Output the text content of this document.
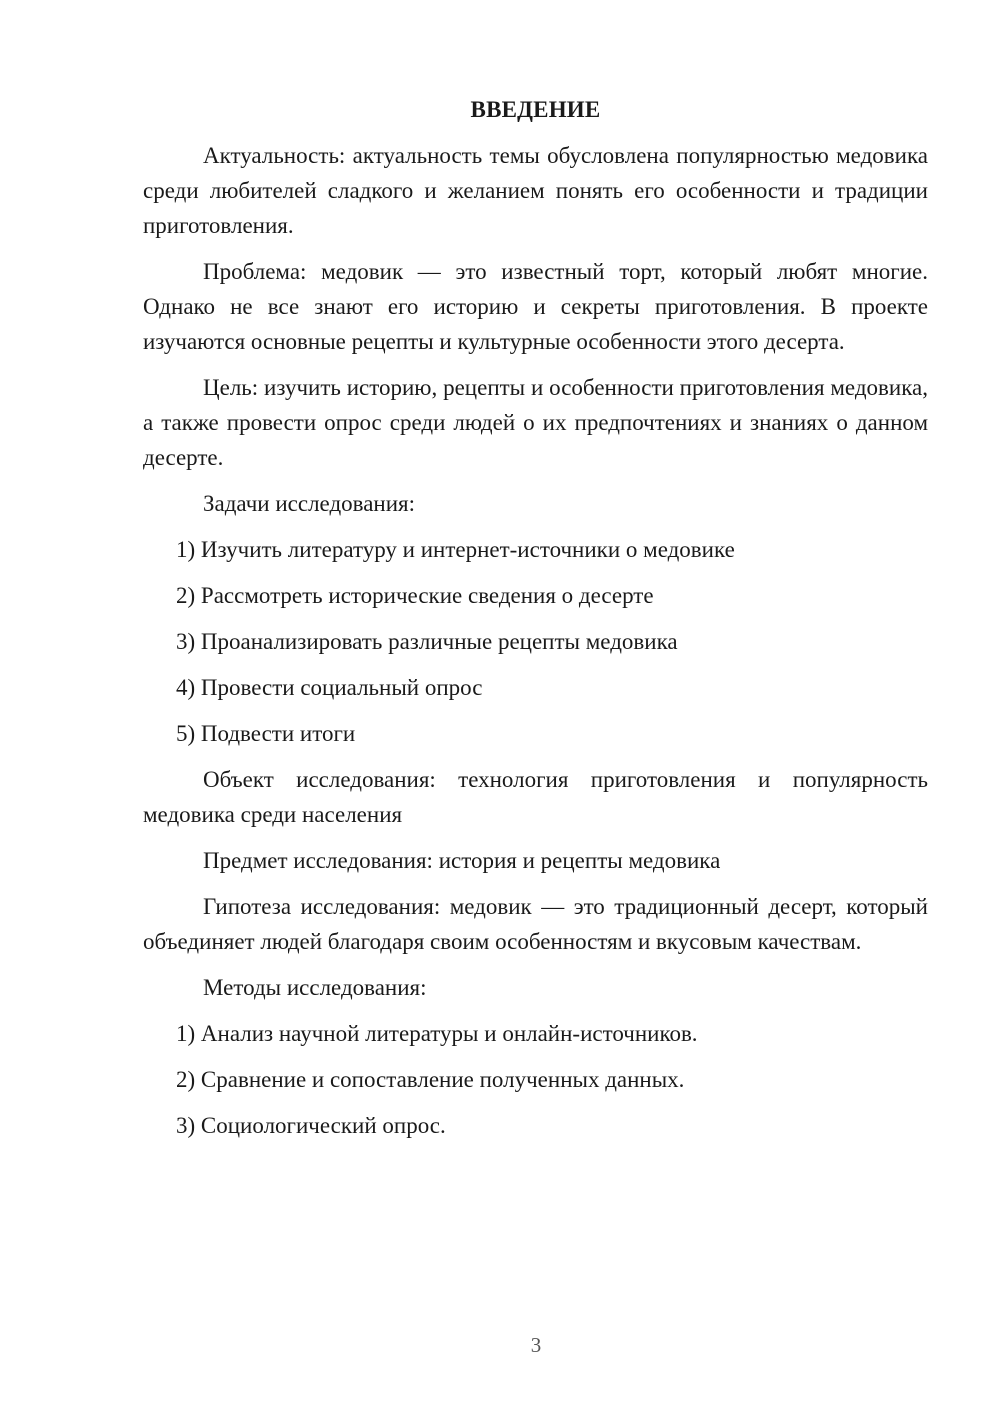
ВВЕДЕНИЕ

Актуальность: актуальность темы обусловлена популярностью медовика среди любителей сладкого и желанием понять его особенности и традиции приготовления.

Проблема: медовик — это известный торт, который любят многие. Однако не все знают его историю и секреты приготовления. В проекте изучаются основные рецепты и культурные особенности этого десерта.

Цель: изучить историю, рецепты и особенности приготовления медовика, а также провести опрос среди людей о их предпочтениях и знаниях о данном десерте.

Задачи исследования:

1) Изучить литературу и интернет-источники о медовике
2) Рассмотреть исторические сведения о десерте
3) Проанализировать различные рецепты медовика
4) Провести социальный опрос
5) Подвести итоги

Объект исследования: технология приготовления и популярность медовика среди населения

Предмет исследования: история и рецепты медовика

Гипотеза исследования: медовик — это традиционный десерт, который объединяет людей благодаря своим особенностям и вкусовым качествам.

Методы исследования:

1) Анализ научной литературы и онлайн-источников.
2) Сравнение и сопоставление полученных данных.
3) Социологический опрос.
3
